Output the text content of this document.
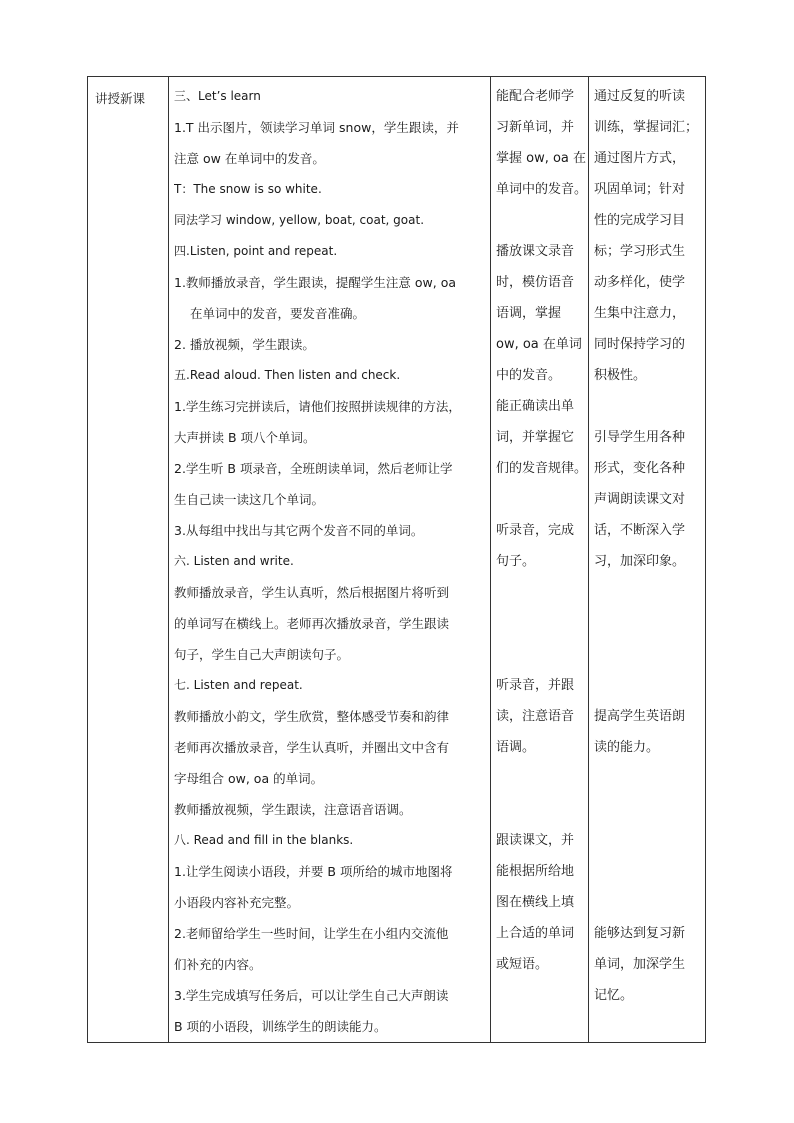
讲授新课	三、Let’s learn
1.T 出示图片，领读学习单词 snow，学生跟读，并
注意 ow 在单词中的发音。
T：The snow is so white.
同法学习 window, yellow, boat, coat, goat.
四.Listen, point and repeat.
1.教师播放录音，学生跟读，提醒学生注意 ow, oa
在单词中的发音，要发音准确。
2. 播放视频，学生跟读。
五.Read aloud. Then listen and check.
1.学生练习完拼读后，请他们按照拼读规律的方法，
大声拼读 B 项八个单词。
2.学生听 B 项录音，全班朗读单词，然后老师让学
生自己读一读这几个单词。
3.从每组中找出与其它两个发音不同的单词。
六. Listen and write.
教师播放录音，学生认真听，然后根据图片将听到
的单词写在横线上。老师再次播放录音，学生跟读
句子，学生自己大声朗读句子。
七. Listen and repeat.
教师播放小韵文，学生欣赏，整体感受节奏和韵律
老师再次播放录音，学生认真听，并圈出文中含有
字母组合 ow, oa 的单词。
教师播放视频，学生跟读，注意语音语调。
八. Read and fill in the blanks.
1.让学生阅读小语段，并要 B 项所给的城市地图将
小语段内容补充完整。
2.老师留给学生一些时间，让学生在小组内交流他
们补充的内容。
3.学生完成填写任务后，可以让学生自己大声朗读
B 项的小语段，训练学生的朗读能力。
能配合老师学
习新单词，并
掌握 ow, oa 在
单词中的发音。
播放课文录音
时，模仿语音
语调，掌握
ow, oa 在单词
中的发音。
能正确读出单
词，并掌握它
们的发音规律。
听录音，完成
句子。
听录音，并跟
读，注意语音
语调。
跟读课文，并
能根据所给地
图在横线上填
上合适的单词
或短语。
通过反复的听读
训练，掌握词汇；
通过图片方式，
巩固单词；针对
性的完成学习目
标；学习形式生
动多样化，使学
生集中注意力，
同时保持学习的
积极性。
引导学生用各种
形式，变化各种
声调朗读课文对
话，不断深入学
习，加深印象。
提高学生英语朗
读的能力。
能够达到复习新
单词，加深学生
记忆。
